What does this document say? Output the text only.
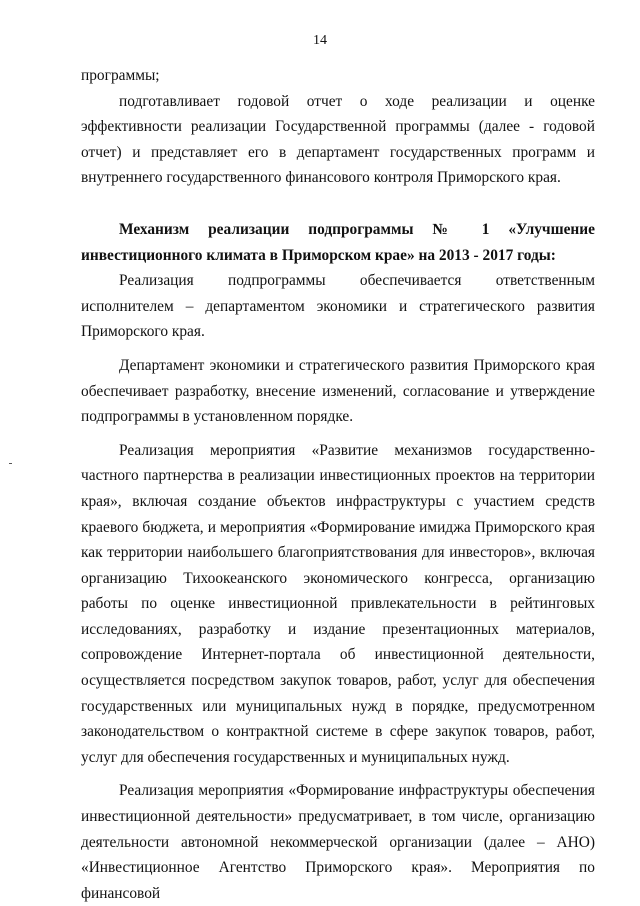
14

программы;

подготавливает годовой отчет о ходе реализации и оценке эффективности реализации Государственной программы (далее - годовой отчет) и представляет его в департамент государственных программ и внутреннего государственного финансового контроля Приморского края.

Механизм реализации подпрограммы № 1 «Улучшение инвестиционного климата в Приморском крае» на 2013 - 2017 годы:

Реализация подпрограммы обеспечивается ответственным исполнителем – департаментом экономики и стратегического развития Приморского края.

Департамент экономики и стратегического развития Приморского края обеспечивает разработку, внесение изменений, согласование и утверждение подпрограммы в установленном порядке.

Реализация мероприятия «Развитие механизмов государственно-частного партнерства в реализации инвестиционных проектов на территории края», включая создание объектов инфраструктуры с участием средств краевого бюджета, и мероприятия «Формирование имиджа Приморского края как территории наибольшего благоприятствования для инвесторов», включая организацию Тихоокеанского экономического конгресса, организацию работы по оценке инвестиционной привлекательности в рейтинговых исследованиях, разработку и издание презентационных материалов, сопровождение Интернет-портала об инвестиционной деятельности, осуществляется посредством закупок товаров, работ, услуг для обеспечения государственных или муниципальных нужд в порядке, предусмотренном законодательством о контрактной системе в сфере закупок товаров, работ, услуг для обеспечения государственных и муниципальных нужд.

Реализация мероприятия «Формирование инфраструктуры обеспечения инвестиционной деятельности» предусматривает, в том числе, организацию деятельности автономной некоммерческой организации (далее – АНО) «Инвестиционное Агентство Приморского края». Мероприятия по финансовой
